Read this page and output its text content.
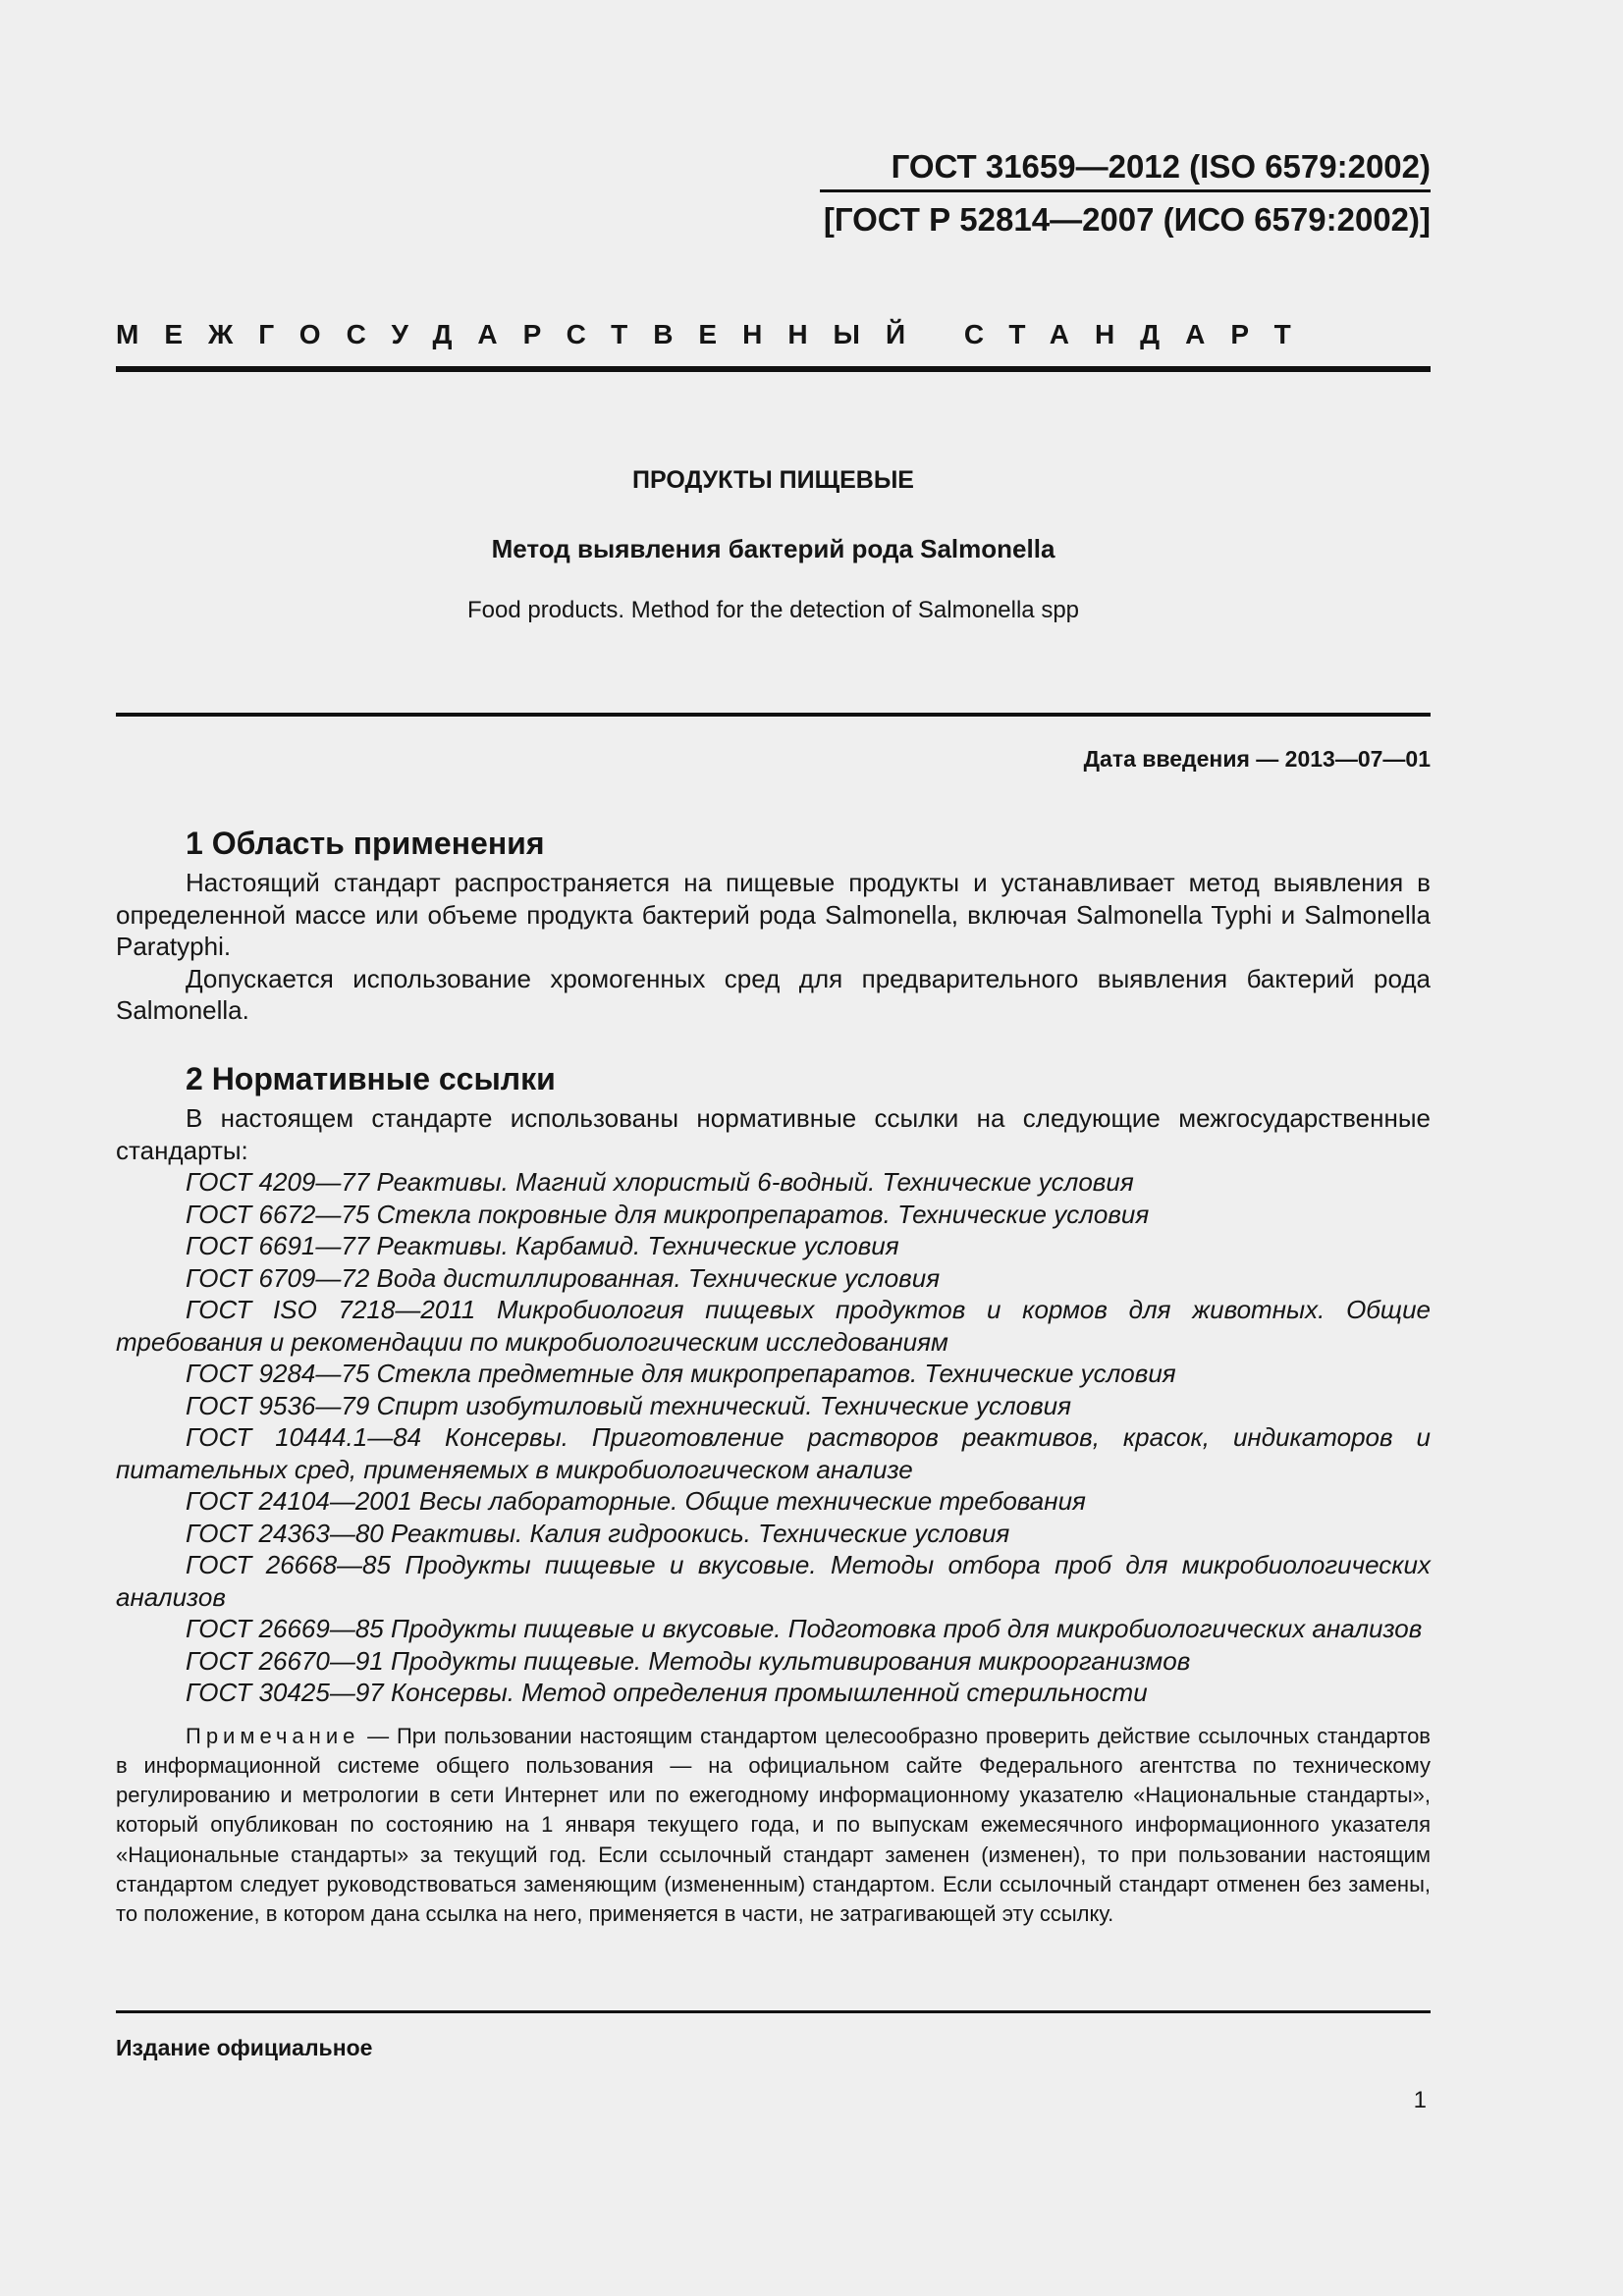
ГОСТ 31659—2012 (ISO 6579:2002)
[ГОСТ Р 52814—2007 (ИСО 6579:2002)]
МЕЖГОСУДАРСТВЕННЫЙ СТАНДАРТ
ПРОДУКТЫ ПИЩЕВЫЕ
Метод выявления бактерий рода Salmonella
Food products. Method for the detection of Salmonella spp
Дата введения — 2013—07—01
1 Область применения

Настоящий стандарт распространяется на пищевые продукты и устанавливает метод выявления в определенной массе или объеме продукта бактерий рода Salmonella, включая Salmonella Typhi и Salmonella Paratyphi.

Допускается использование хромогенных сред для предварительного выявления бактерий рода Salmonella.

2 Нормативные ссылки

В настоящем стандарте использованы нормативные ссылки на следующие межгосударственные стандарты:

ГОСТ 4209—77 Реактивы. Магний хлористый 6-водный. Технические условия

ГОСТ 6672—75 Стекла покровные для микропрепаратов. Технические условия

ГОСТ 6691—77 Реактивы. Карбамид. Технические условия

ГОСТ 6709—72 Вода дистиллированная. Технические условия

ГОСТ ISO 7218—2011 Микробиология пищевых продуктов и кормов для животных. Общие требования и рекомендации по микробиологическим исследованиям

ГОСТ 9284—75 Стекла предметные для микропрепаратов. Технические условия

ГОСТ 9536—79 Спирт изобутиловый технический. Технические условия

ГОСТ 10444.1—84 Консервы. Приготовление растворов реактивов, красок, индикаторов и питательных сред, применяемых в микробиологическом анализе

ГОСТ 24104—2001 Весы лабораторные. Общие технические требования

ГОСТ 24363—80 Реактивы. Калия гидроокись. Технические условия

ГОСТ 26668—85 Продукты пищевые и вкусовые. Методы отбора проб для микробиологических анализов

ГОСТ 26669—85 Продукты пищевые и вкусовые. Подготовка проб для микробиологических анализов

ГОСТ 26670—91 Продукты пищевые. Методы культивирования микроорганизмов

ГОСТ 30425—97 Консервы. Метод определения промышленной стерильности

Примечание — При пользовании настоящим стандартом целесообразно проверить действие ссылочных стандартов в информационной системе общего пользования — на официальном сайте Федерального агентства по техническому регулированию и метрологии в сети Интернет или по ежегодному информационному указателю «Национальные стандарты», который опубликован по состоянию на 1 января текущего года, и по выпускам ежемесячного информационного указателя «Национальные стандарты» за текущий год. Если ссылочный стандарт заменен (изменен), то при пользовании настоящим стандартом следует руководствоваться заменяющим (измененным) стандартом. Если ссылочный стандарт отменен без замены, то положение, в котором дана ссылка на него, применяется в части, не затрагивающей эту ссылку.

Издание официальное
1
